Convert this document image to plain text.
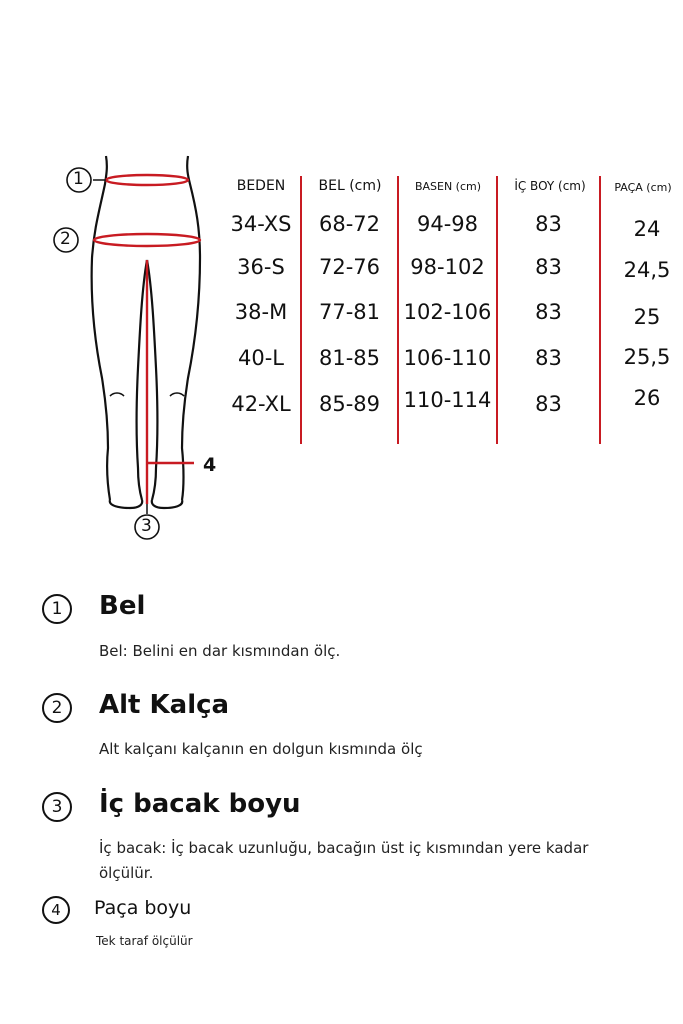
1
2
3
4
BEDEN	BEL (cm)	BASEN (cm)	İÇ BOY (cm)	PAÇA (cm)
34-XS	68-72	94-98	83	24
36-S	72-76	98-102	83	24,5
38-M	77-81	102-106	83	25
40-L	81-85	106-110	83	25,5
42-XL	85-89	110-114	83	26
1	Bel
Bel: Belini en dar kısmından ölç.
2	Alt Kalça
Alt kalçanı kalçanın en dolgun kısmında ölç
3	İç bacak boyu
İç bacak: İç bacak uzunluğu, bacağın üst iç kısmından yere kadar ölçülür.
4	Paça boyu
Tek taraf ölçülür
